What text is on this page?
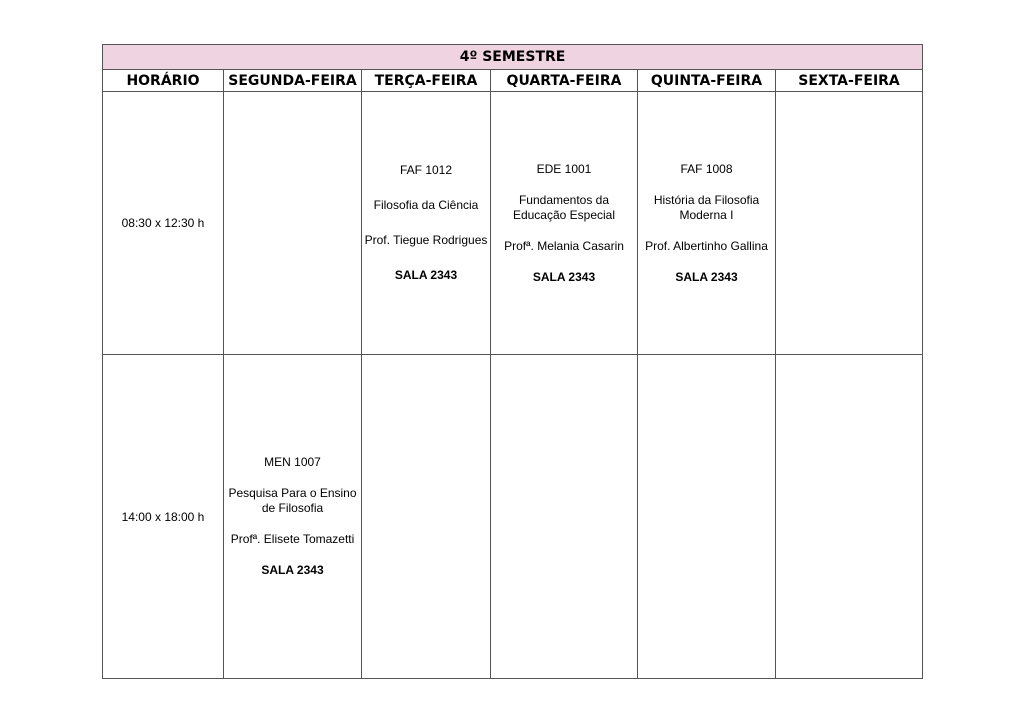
4º SEMESTRE					
HORÁRIO	SEGUNDA-FEIRA	TERÇA-FEIRA	QUARTA-FEIRA	QUINTA-FEIRA	SEXTA-FEIRA
08:30 x 12:30 h		FAF 1012
Filosofia da Ciência
Prof. Tiegue Rodrigues
SALA 2343	EDE 1001
Fundamentos da
Educação Especial
Profª. Melania Casarin
SALA 2343	FAF 1008
História da Filosofia
Moderna I
Prof. Albertinho Gallina
SALA 2343	

14:00 x 18:00 h	MEN 1007
Pesquisa Para o Ensino
de Filosofia
Profª. Elisete Tomazetti
SALA 2343				
